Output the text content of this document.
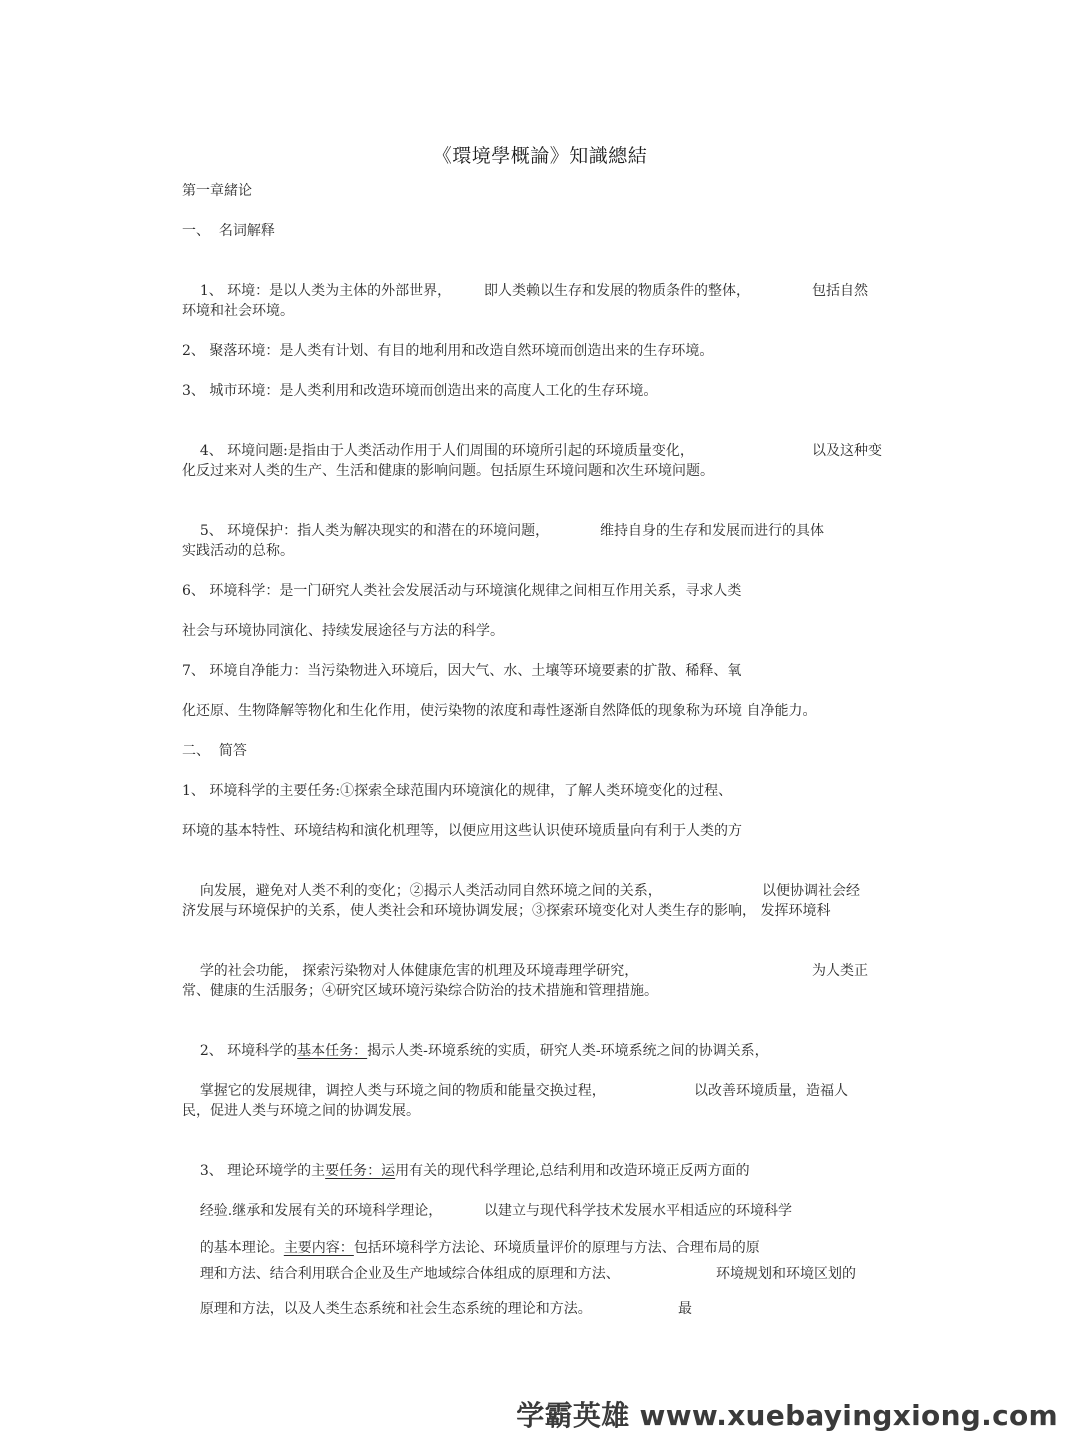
《環境學概論》知識總結
第一章緒论
一、  名词解释

1、 环境：是以人类为主体的外部世界， 即人类赖以生存和发展的物质条件的整体，	包括自然

环境和社会环境。
2、 聚落环境：是人类有计划、有目的地利用和改造自然环境而创造出来的生存环境。
3、 城市环境：是人类利用和改造环境而创造出来的高度人工化的生存环境。

4、 环境问题:是指由于人类活动作用于人们周围的环境所引起的环境质量变化，	以及这种变

化反过来对人类的生产、生活和健康的影响问题。包括原生环境问题和次生环境问题。

5、 环境保护：指人类为解决现实的和潜在的环境问题，	维持自身的生存和发展而进行的具体

实践活动的总称。
6、 环境科学：是一门研究人类社会发展活动与环境演化规律之间相互作用关系，寻求人类
社会与环境协同演化、持续发展途径与方法的科学。
7、 环境自净能力：当污染物进入环境后，因大气、水、土壤等环境要素的扩散、稀释、氧
化还原、生物降解等物化和生化作用，使污染物的浓度和毒性逐渐自然降低的现象称为环境 自净能力。
二、  简答
1、 环境科学的主要任务:①探索全球范围内环境演化的规律，了解人类环境变化的过程、
环境的基本特性、环境结构和演化机理等，以便应用这些认识使环境质量向有利于人类的方

向发展，避免对人类不利的变化；②揭示人类活动同自然环境之间的关系，	以便协调社会经

济发展与环境保护的关系，使人类社会和环境协调发展；③探索环境变化对人类生存的影响， 发挥环境科

学的社会功能， 探索污染物对人体健康危害的机理及环境毒理学研究，	为人类正

常、健康的生活服务；④研究区域环境污染综合防治的技术措施和管理措施。

2、 环境科学的基本任务：揭示人类-环境系统的实质，研究人类-环境系统之间的协调关系，

掌握它的发展规律，调控人类与环境之间的物质和能量交换过程，	以改善环境质量，造福人

民，促进人类与环境之间的协调发展。

3、 理论环境学的主要任务：运用有关的现代科学理论,总结利用和改造环境正反两方面的

经验.继承和发展有关的环境科学理论，	以建立与现代科学技术发展水平相适应的环境科学

的基本理论。主要内容：包括环境科学方法论、环境质量评价的原理与方法、合理布局的原

理和方法、结合利用联合企业及生产地域综合体组成的原理和方法、	环境规划和环境区划的

原理和方法，以及人类生态系统和社会生态系统的理论和方法。	最

学霸英雄 www.xuebayingxiong.com
